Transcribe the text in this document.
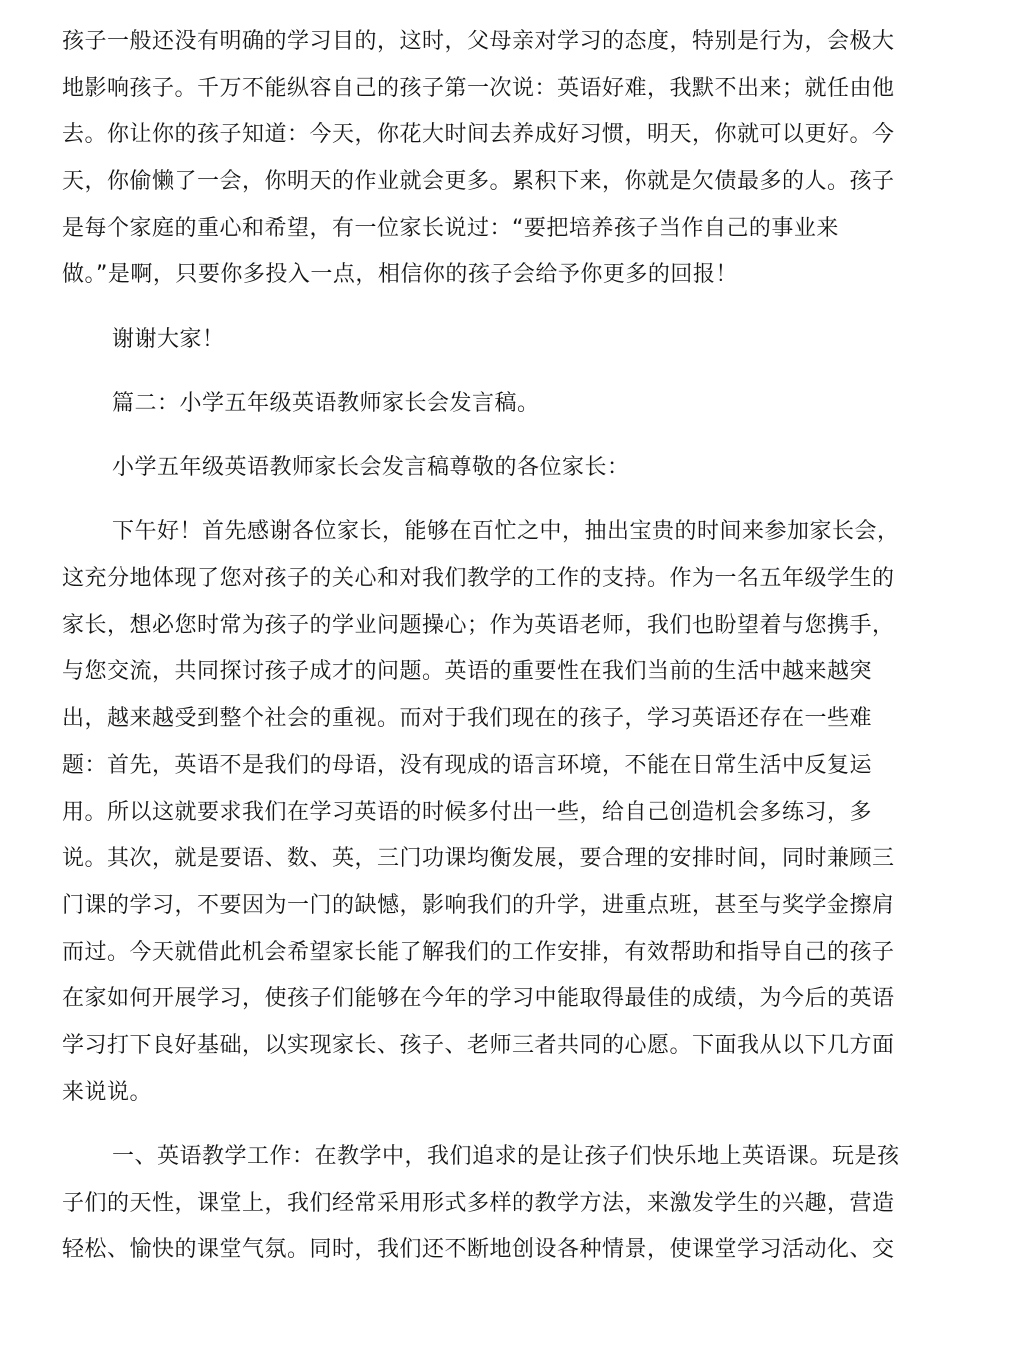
孩子一般还没有明确的学习目的，这时，父母亲对学习的态度，特别是行为，会极大
地影响孩子。千万不能纵容自己的孩子第一次说：英语好难，我默不出来；就任由他
去。你让你的孩子知道：今天，你花大时间去养成好习惯，明天，你就可以更好。今
天，你偷懒了一会，你明天的作业就会更多。累积下来，你就是欠债最多的人。孩子
是每个家庭的重心和希望，有一位家长说过：“要把培养孩子当作自己的事业来
做。”是啊，只要你多投入一点，相信你的孩子会给予你更多的回报！
谢谢大家！
篇二：小学五年级英语教师家长会发言稿。
小学五年级英语教师家长会发言稿尊敬的各位家长：
下午好！首先感谢各位家长，能够在百忙之中，抽出宝贵的时间来参加家长会，
这充分地体现了您对孩子的关心和对我们教学的工作的支持。作为一名五年级学生的
家长，想必您时常为孩子的学业问题操心；作为英语老师，我们也盼望着与您携手，
与您交流，共同探讨孩子成才的问题。英语的重要性在我们当前的生活中越来越突
出，越来越受到整个社会的重视。而对于我们现在的孩子，学习英语还存在一些难
题：首先，英语不是我们的母语，没有现成的语言环境，不能在日常生活中反复运
用。所以这就要求我们在学习英语的时候多付出一些，给自己创造机会多练习，多
说。其次，就是要语、数、英，三门功课均衡发展，要合理的安排时间，同时兼顾三
门课的学习，不要因为一门的缺憾，影响我们的升学，进重点班，甚至与奖学金擦肩
而过。今天就借此机会希望家长能了解我们的工作安排，有效帮助和指导自己的孩子
在家如何开展学习，使孩子们能够在今年的学习中能取得最佳的成绩，为今后的英语
学习打下良好基础，以实现家长、孩子、老师三者共同的心愿。下面我从以下几方面
来说说。
一、英语教学工作：在教学中，我们追求的是让孩子们快乐地上英语课。玩是孩
子们的天性，课堂上，我们经常采用形式多样的教学方法，来激发学生的兴趣，营造
轻松、愉快的课堂气氛。同时，我们还不断地创设各种情景，使课堂学习活动化、交
